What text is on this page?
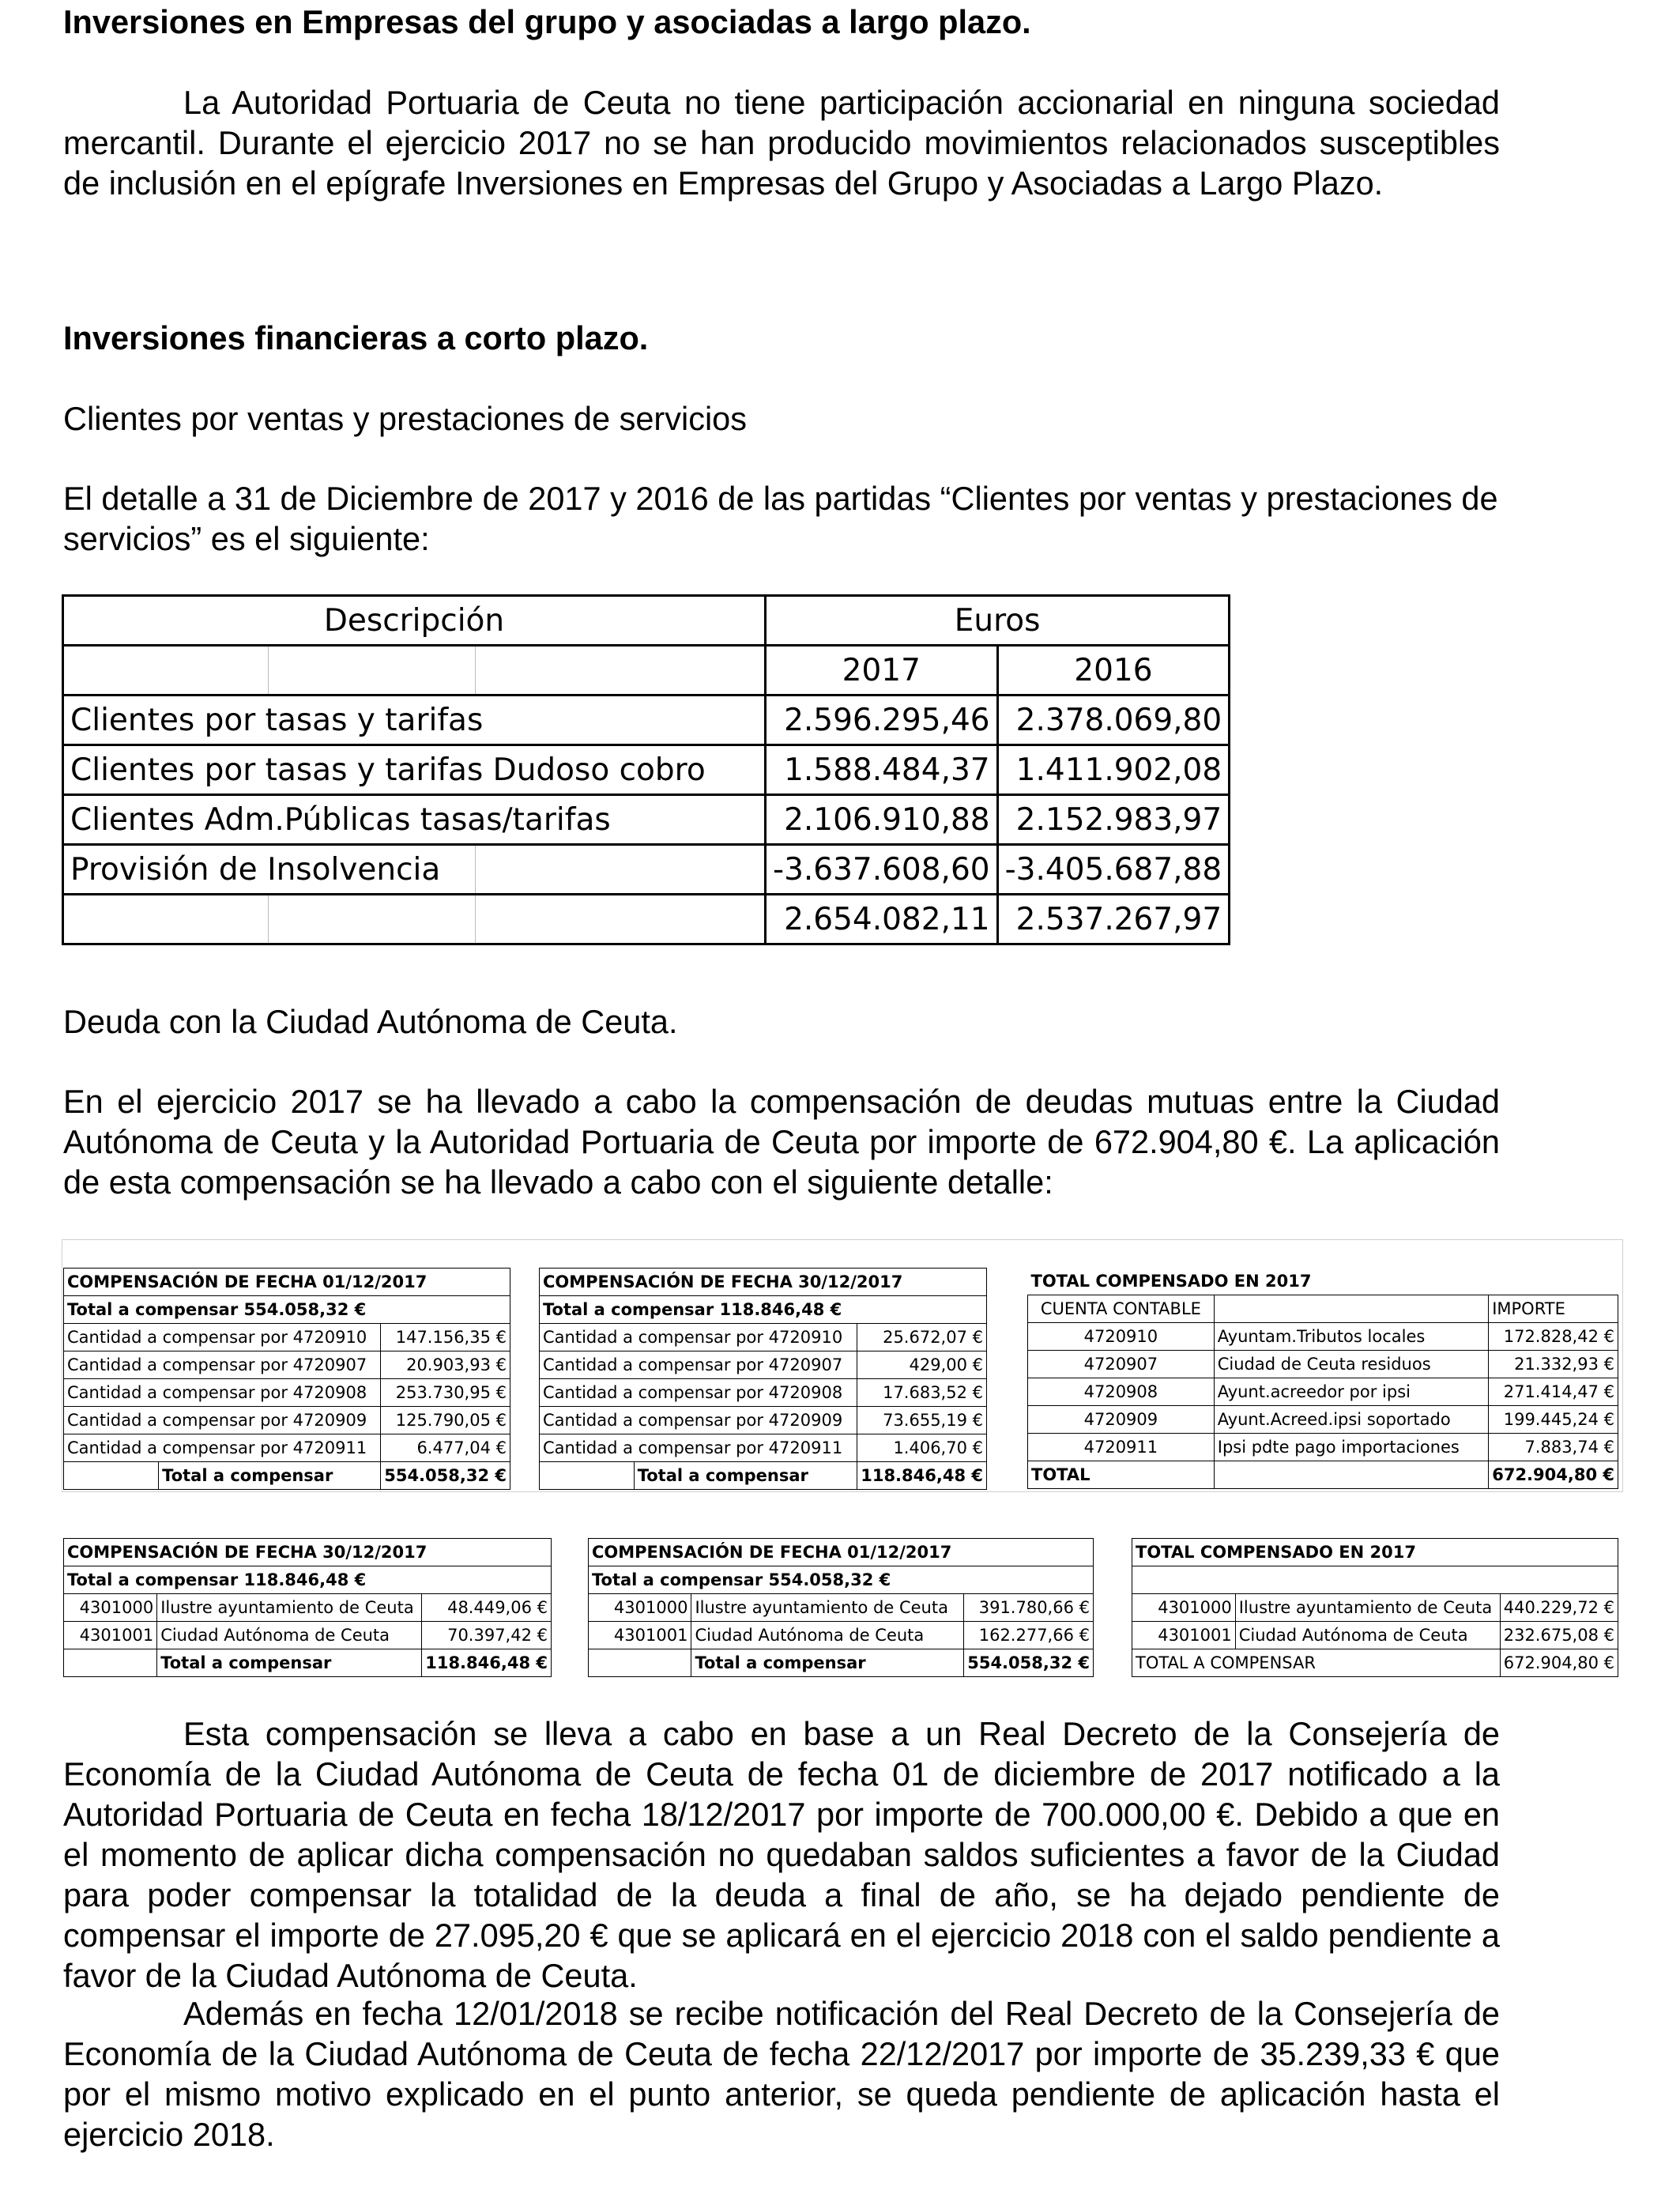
Inversiones en Empresas del grupo y asociadas a largo plazo.
La Autoridad Portuaria de Ceuta no tiene participación accionarial en ninguna sociedad mercantil. Durante el ejercicio 2017 no se han producido movimientos relacionados susceptibles de inclusión en el epígrafe Inversiones en Empresas del Grupo y Asociadas a Largo Plazo.
Inversiones financieras a corto plazo.
Clientes por ventas y prestaciones de servicios
El detalle a 31 de Diciembre de 2017 y 2016 de las partidas “Clientes por ventas y prestaciones de servicios” es el siguiente:
Descripción			Euros	
			2017	2016
Clientes por tasas y tarifas			2.596.295,46	2.378.069,80
Clientes por tasas y tarifas Dudoso cobro			1.588.484,37	1.411.902,08
Clientes Adm.Públicas tasas/tarifas			2.106.910,88	2.152.983,97
Provisión de Insolvencia			-3.637.608,60	-3.405.687,88
			2.654.082,11	2.537.267,97
Deuda con la Ciudad Autónoma de Ceuta.
En el ejercicio 2017 se ha llevado a cabo la compensación de deudas mutuas entre la Ciudad Autónoma de Ceuta y la Autoridad Portuaria de Ceuta por importe de 672.904,80 €. La aplicación de esta compensación se ha llevado a cabo con el siguiente detalle:
COMPENSACIÓN DE FECHA 01/12/2017		
Total a compensar 554.058,32 €		
Cantidad a compensar por 4720910		147.156,35 €
Cantidad a compensar por 4720907		20.903,93 €
Cantidad a compensar por 4720908		253.730,95 €
Cantidad a compensar por 4720909		125.790,05 €
Cantidad a compensar por 4720911		6.477,04 €
	Total a compensar	554.058,32 €
COMPENSACIÓN DE FECHA 30/12/2017		
Total a compensar 118.846,48 €		
Cantidad a compensar por 4720910		25.672,07 €
Cantidad a compensar por 4720907		429,00 €
Cantidad a compensar por 4720908		17.683,52 €
Cantidad a compensar por 4720909		73.655,19 €
Cantidad a compensar por 4720911		1.406,70 €
	Total a compensar	118.846,48 €
TOTAL COMPENSADO EN 2017		
CUENTA CONTABLE		IMPORTE
4720910	Ayuntam.Tributos locales	172.828,42 €
4720907	Ciudad de Ceuta residuos	21.332,93 €
4720908	Ayunt.acreedor por ipsi	271.414,47 €
4720909	Ayunt.Acreed.ipsi soportado	199.445,24 €
4720911	Ipsi pdte pago importaciones	7.883,74 €
TOTAL		672.904,80 €
COMPENSACIÓN DE FECHA 30/12/2017		
Total a compensar 118.846,48 €		
4301000	Ilustre ayuntamiento de Ceuta	48.449,06 €
4301001	Ciudad Autónoma de Ceuta	70.397,42 €
	Total a compensar	118.846,48 €
COMPENSACIÓN DE FECHA 01/12/2017		
Total a compensar 554.058,32 €		
4301000	Ilustre ayuntamiento de Ceuta	391.780,66 €
4301001	Ciudad Autónoma de Ceuta	162.277,66 €
	Total a compensar	554.058,32 €
TOTAL COMPENSADO EN 2017		

4301000	Ilustre ayuntamiento de Ceuta	440.229,72 €
4301001	Ciudad Autónoma de Ceuta	232.675,08 €
TOTAL A COMPENSAR		672.904,80 €
Esta compensación se lleva a cabo en base a un Real Decreto de la Consejería de Economía de la Ciudad Autónoma de Ceuta de fecha 01 de diciembre de 2017 notificado a la Autoridad Portuaria de Ceuta en fecha 18/12/2017 por importe de 700.000,00 €. Debido a que en el momento de aplicar dicha compensación no quedaban saldos suficientes a favor de la Ciudad para poder compensar la totalidad de la deuda a final de año, se ha dejado pendiente de compensar el importe de 27.095,20 € que se aplicará en el ejercicio 2018 con el saldo pendiente a favor de la Ciudad Autónoma de Ceuta.
Además en fecha 12/01/2018 se recibe notificación del Real Decreto de la Consejería de Economía de la Ciudad Autónoma de Ceuta de fecha 22/12/2017 por importe de 35.239,33 € que por el mismo motivo explicado en el punto anterior, se queda pendiente de aplicación hasta el ejercicio 2018.
